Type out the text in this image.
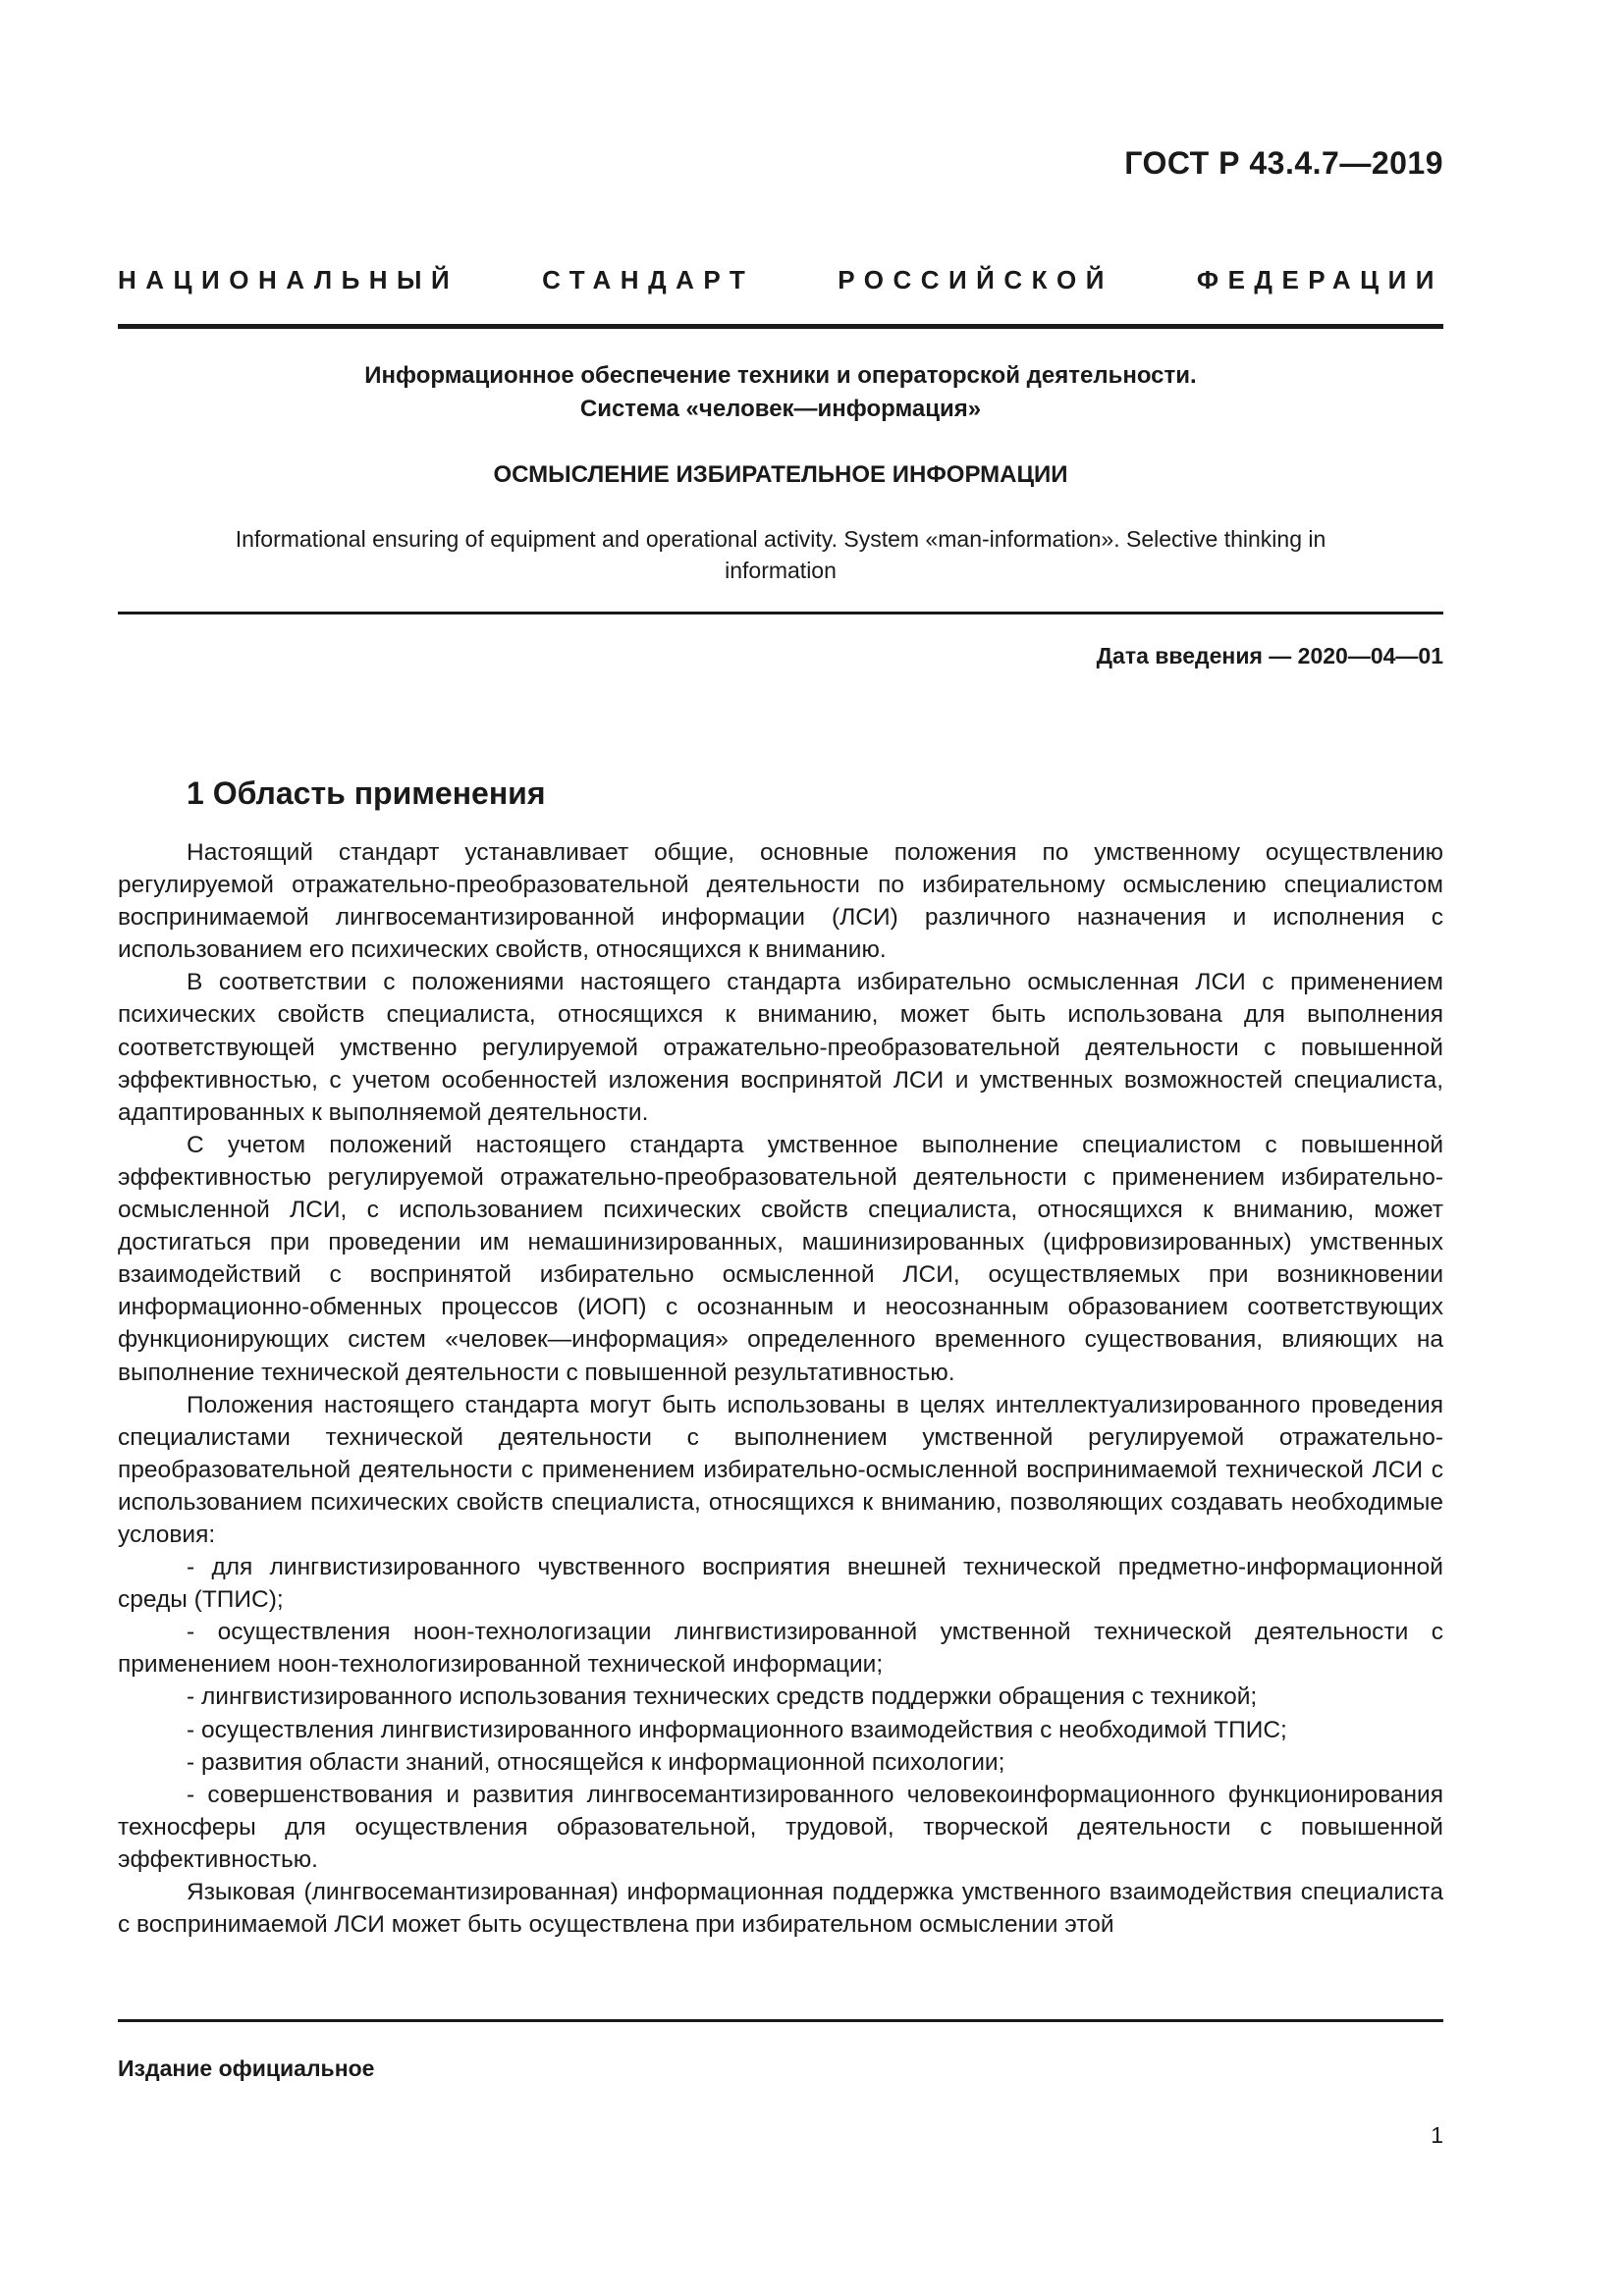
ГОСТ Р 43.4.7—2019
НАЦИОНАЛЬНЫЙ СТАНДАРТ РОССИЙСКОЙ ФЕДЕРАЦИИ
Информационное обеспечение техники и операторской деятельности.
Система «человек—информация»
ОСМЫСЛЕНИЕ ИЗБИРАТЕЛЬНОЕ ИНФОРМАЦИИ
Informational ensuring of equipment and operational activity. System «man-information». Selective thinking in information
Дата введения — 2020—04—01
1 Область применения

Настоящий стандарт устанавливает общие, основные положения по умственному осуществлению регулируемой отражательно-преобразовательной деятельности по избирательному осмыслению специалистом воспринимаемой лингвосемантизированной информации (ЛСИ) различного назначения и исполнения с использованием его психических свойств, относящихся к вниманию.

В соответствии с положениями настоящего стандарта избирательно осмысленная ЛСИ с применением психических свойств специалиста, относящихся к вниманию, может быть использована для выполнения соответствующей умственно регулируемой отражательно-преобразовательной деятельности с повышенной эффективностью, с учетом особенностей изложения воспринятой ЛСИ и умственных возможностей специалиста, адаптированных к выполняемой деятельности.

С учетом положений настоящего стандарта умственное выполнение специалистом с повышенной эффективностью регулируемой отражательно-преобразовательной деятельности с применением избирательно-осмысленной ЛСИ, с использованием психических свойств специалиста, относящихся к вниманию, может достигаться при проведении им немашинизированных, машинизированных (цифровизированных) умственных взаимодействий с воспринятой избирательно осмысленной ЛСИ, осуществляемых при возникновении информационно-обменных процессов (ИОП) с осознанным и неосознанным образованием соответствующих функционирующих систем «человек—информация» определенного временного существования, влияющих на выполнение технической деятельности с повышенной результативностью.

Положения настоящего стандарта могут быть использованы в целях интеллектуализированного проведения специалистами технической деятельности с выполнением умственной регулируемой отражательно-преобразовательной деятельности с применением избирательно-осмысленной воспринимаемой технической ЛСИ с использованием психических свойств специалиста, относящихся к вниманию, позволяющих создавать необходимые условия:

- для лингвистизированного чувственного восприятия внешней технической предметно-информационной среды (ТПИС);

- осуществления ноон-технологизации лингвистизированной умственной технической деятельности с применением ноон-технологизированной технической информации;

- лингвистизированного использования технических средств поддержки обращения с техникой;

- осуществления лингвистизированного информационного взаимодействия с необходимой ТПИС;

- развития области знаний, относящейся к информационной психологии;

- совершенствования и развития лингвосемантизированного человекоинформационного функционирования техносферы для осуществления образовательной, трудовой, творческой деятельности с повышенной эффективностью.

Языковая (лингвосемантизированная) информационная поддержка умственного взаимодействия специалиста с воспринимаемой ЛСИ может быть осуществлена при избирательном осмыслении этой

Издание официальное
1
